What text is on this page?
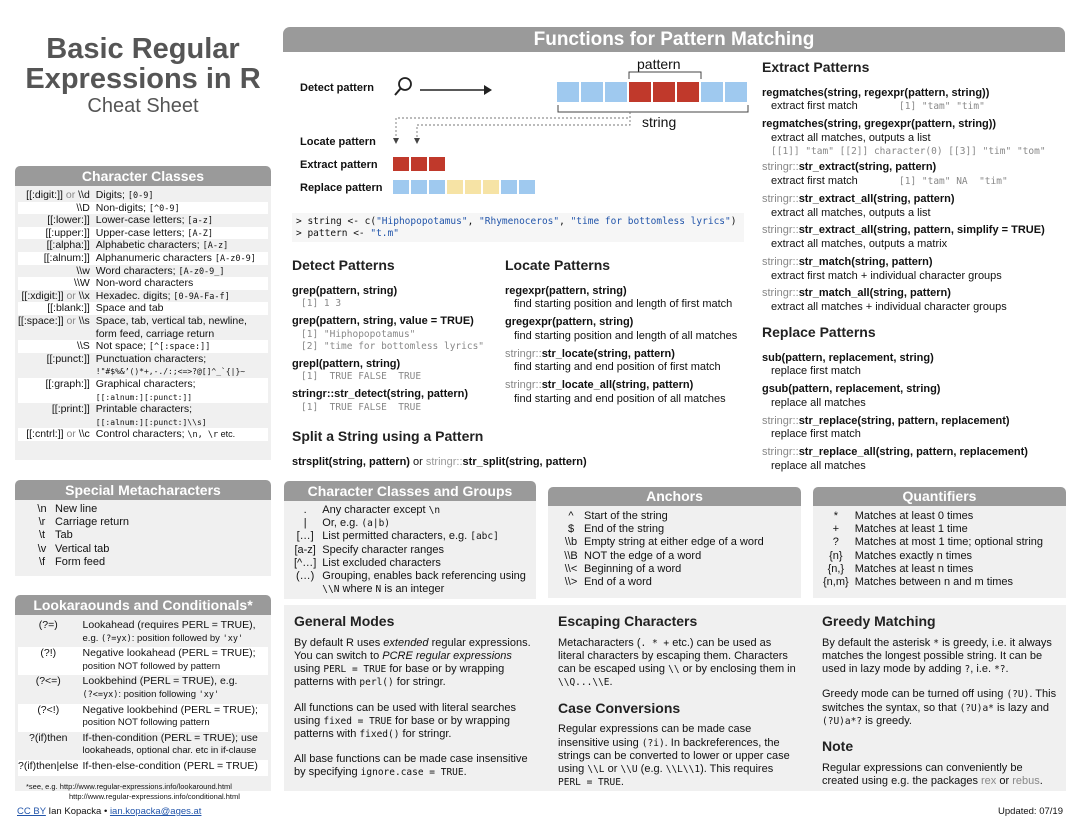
Basic Regular
Expressions in R
Cheat Sheet
Functions for Pattern Matching
Detect pattern
pattern
string
Locate pattern
Extract pattern
Replace pattern
> string <- c("Hiphopopotamus", "Rhymenoceros", "time for bottomless lyrics")
> pattern <- "t.m"
Detect Patterns
grep(pattern, string)
[1] 1 3
grep(pattern, string, value = TRUE)
[1] "Hiphopopotamus"
[2] "time for bottomless lyrics"
grepl(pattern, string)
[1]  TRUE FALSE  TRUE
stringr::str_detect(string, pattern)
[1]  TRUE FALSE  TRUE
Split a String using a Pattern
strsplit(string, pattern) or stringr::str_split(string, pattern)
Locate Patterns
regexpr(pattern, string)
find starting position and length of first match
gregexpr(pattern, string)
find starting position and length of all matches
stringr::str_locate(string, pattern)
find starting and end position of first match
stringr::str_locate_all(string, pattern)
find starting and end position of all matches
Extract Patterns
regmatches(string, regexpr(pattern, string))
extract first match	[1] "tam" "tim"
regmatches(string, gregexpr(pattern, string))
extract all matches, outputs a list
[[1]] "tam" [[2]] character(0) [[3]] "tim" "tom"
stringr::str_extract(string, pattern)
extract first match	[1] "tam" NA  "tim"
stringr::str_extract_all(string, pattern)
extract all matches, outputs a list
stringr::str_extract_all(string, pattern, simplify = TRUE)
extract all matches, outputs a matrix
stringr::str_match(string, pattern)
extract first match + individual character groups
stringr::str_match_all(string, pattern)
extract all matches + individual character groups
Replace Patterns
sub(pattern, replacement, string)
replace first match
gsub(pattern, replacement, string)
replace all matches
stringr::str_replace(string, pattern, replacement)
replace first match
stringr::str_replace_all(string, pattern, replacement)
replace all matches
Character Classes
[[:digit:]] or \\d	Digits; [0-9]
\\D	Non-digits; [^0-9]
[[:lower:]]	Lower-case letters; [a-z]
[[:upper:]]	Upper-case letters; [A-Z]
[[:alpha:]]	Alphabetic characters; [A-z]
[[:alnum:]]	Alphanumeric characters [A-z0-9]
\\w	Word characters; [A-z0-9_]
\\W	Non-word characters
[[:xdigit:]] or \\x	Hexadec. digits; [0-9A-Fa-f]
[[:blank:]]	Space and tab
[[:space:]] or \\s	Space, tab, vertical tab, newline, form feed, carriage return
\\S	Not space; [^[:space:]]
[[:punct:]]	Punctuation characters;
!"#$%&’()*+,-./:;<=>?@[]^_`{|}~
[[:graph:]]	Graphical characters;
[[:alnum:][:punct:]]
[[:print:]]	Printable characters;
[[:alnum:][:punct:]\\s]
[[:cntrl:]] or \\c	Control characters; \n, \r etc.
Special Metacharacters
\n	New line
\r	Carriage return
\t	Tab
\v	Vertical tab
\f	Form feed
Lookaraounds and Conditionals*
(?=)	Lookahead (requires PERL = TRUE),
e.g. (?=yx): position followed by 'xy'
(?!)	Negative lookahead (PERL = TRUE);
position NOT followed by pattern
(?<=)	Lookbehind (PERL = TRUE), e.g.
(?<=yx): position following 'xy'
(?<!)	Negative lookbehind (PERL = TRUE);
position NOT following pattern
?(if)then	If-then-condition (PERL = TRUE); use
lookaheads, optional char. etc in if-clause
?(if)then|else	If-then-else-condition (PERL = TRUE)
*see, e.g. http://www.regular-expressions.info/lookaround.html
http://www.regular-expressions.info/conditional.html
Character Classes and Groups
.	Any character except \n
|	Or, e.g. (a|b)
[…]	List permitted characters, e.g. [abc]
[a-z]	Specify character ranges
[^…]	List excluded characters
(…)	Grouping, enables back referencing using
\\N where N is an integer
Anchors
^	Start of the string
$	End of the string
\\b	Empty string at either edge of a word
\\B	NOT the edge of a word
\\<	Beginning of a word
\\>	End of a word
Quantifiers
*	Matches at least 0 times
+	Matches at least 1 time
?	Matches at most 1 time; optional string
{n}	Matches exactly n times
{n,}	Matches at least n times
{n,m}	Matches between n and m times
General Modes

By default R uses extended regular expressions. You can switch to PCRE regular expressions using PERL = TRUE for base or by wrapping patterns with perl() for stringr.

All functions can be used with literal searches using fixed = TRUE for base or by wrapping patterns with fixed() for stringr.

All base functions can be made case insensitive by specifying ignore.case = TRUE.

Escaping Characters

Metacharacters (. * + etc.) can be used as literal characters by escaping them. Characters can be escaped using \\ or by enclosing them in \\Q...\\E.

Case Conversions

Regular expressions can be made case insensitive using (?i). In backreferences, the strings can be converted to lower or upper case using \\L or \\U (e.g. \\L\\1). This requires PERL = TRUE.

Greedy Matching

By default the asterisk * is greedy, i.e. it always matches the longest possible string. It can be used in lazy mode by adding ?, i.e. *?.

Greedy mode can be turned off using (?U). This switches the syntax, so that (?U)a* is lazy and (?U)a*? is greedy.

Note
Regular expressions can conveniently be
created using e.g. the packages rex or rebus.
CC BY Ian Kopacka • ian.kopacka@ages.at	Updated: 07/19
